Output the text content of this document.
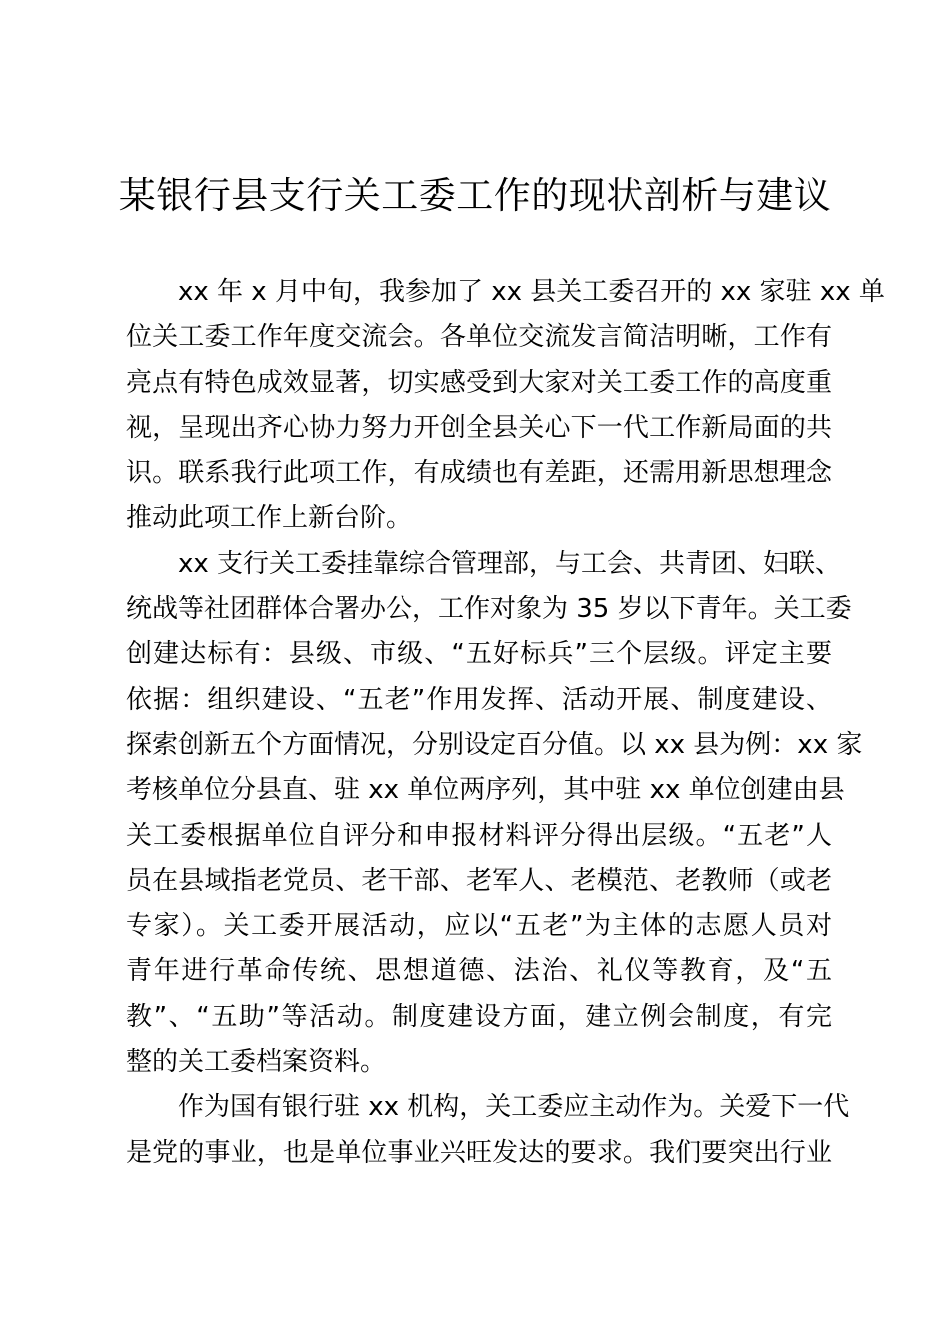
某银行县支行关工委工作的现状剖析与建议
xx 年 x 月中旬，我参加了 xx 县关工委召开的 xx 家驻 xx 单
位关工委工作年度交流会。各单位交流发言简洁明晰，工作有
亮点有特色成效显著，切实感受到大家对关工委工作的高度重
视，呈现出齐心协力努力开创全县关心下一代工作新局面的共
识。联系我行此项工作，有成绩也有差距，还需用新思想理念
推动此项工作上新台阶。
xx 支行关工委挂靠综合管理部，与工会、共青团、妇联、
统战等社团群体合署办公，工作对象为 35 岁以下青年。关工委
创建达标有：县级、市级、“五好标兵”三个层级。评定主要
依据：组织建设、“五老”作用发挥、活动开展、制度建设、
探索创新五个方面情况，分别设定百分值。以 xx 县为例：xx 家
考核单位分县直、驻 xx 单位两序列，其中驻 xx 单位创建由县
关工委根据单位自评分和申报材料评分得出层级。“五老”人
员在县域指老党员、老干部、老军人、老模范、老教师（或老
专家）。关工委开展活动，应以“五老”为主体的志愿人员对
青年进行革命传统、思想道德、法治、礼仪等教育，及“五
教”、“五助”等活动。制度建设方面，建立例会制度，有完
整的关工委档案资料。
作为国有银行驻 xx 机构，关工委应主动作为。关爱下一代
是党的事业，也是单位事业兴旺发达的要求。我们要突出行业
